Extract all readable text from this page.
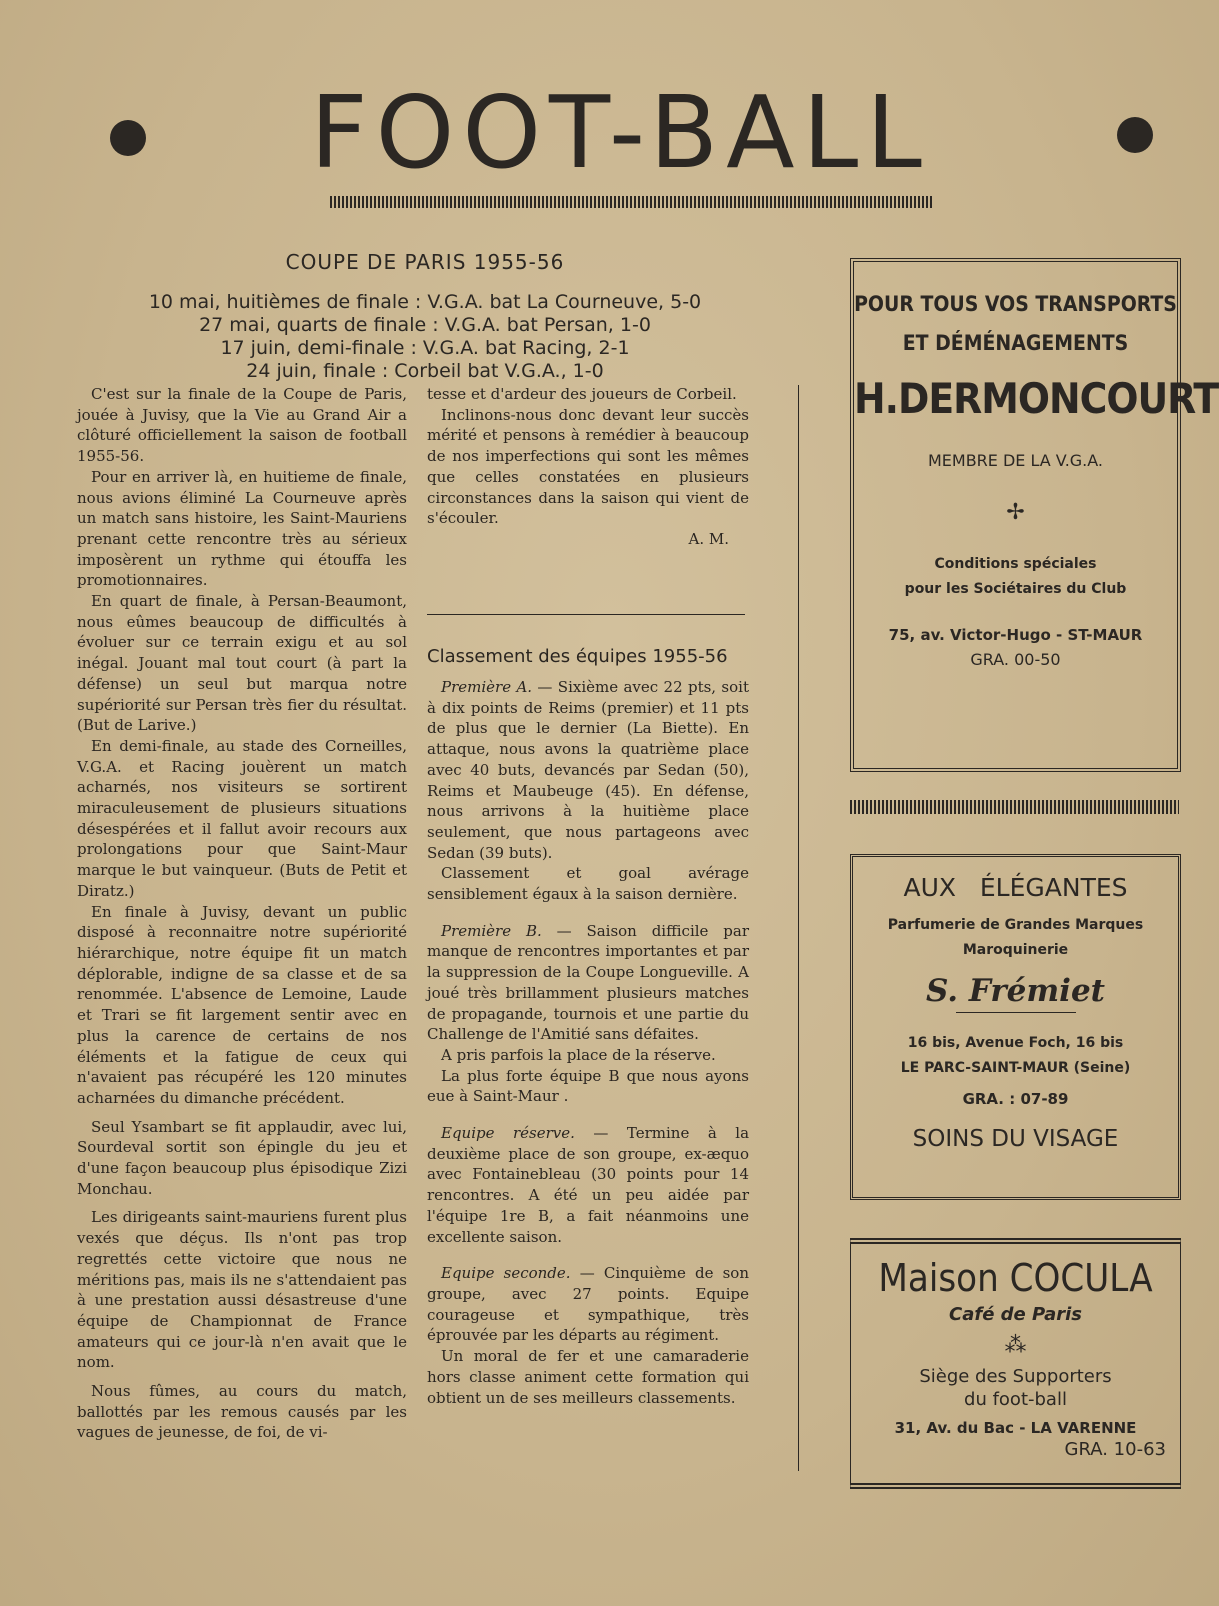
FOOT-BALL
COUPE DE PARIS 1955-56
10 mai, huitièmes de finale : V.G.A. bat La Courneuve, 5-0
27 mai, quarts de finale : V.G.A. bat Persan, 1-0
17 juin, demi-finale : V.G.A. bat Racing, 2-1
24 juin, finale : Corbeil bat V.G.A., 1-0

C'est sur la finale de la Coupe de Paris, jouée à Juvisy, que la Vie au Grand Air a clôturé officiellement la saison de football 1955-56.

Pour en arriver là, en huitieme de finale, nous avions éliminé La Courneuve après un match sans histoire, les Saint-Mauriens prenant cette rencontre très au sérieux imposèrent un rythme qui étouffa les promotionnaires.

En quart de finale, à Persan-Beaumont, nous eûmes beaucoup de difficultés à évoluer sur ce terrain exigu et au sol inégal. Jouant mal tout court (à part la défense) un seul but marqua notre supériorité sur Persan très fier du résultat. (But de Larive.)

En demi-finale, au stade des Corneilles, V.G.A. et Racing jouèrent un match acharnés, nos visiteurs se sortirent miraculeusement de plusieurs situations désespérées et il fallut avoir recours aux prolongations pour que Saint-Maur marque le but vainqueur. (Buts de Petit et Diratz.)

En finale à Juvisy, devant un public disposé à reconnaitre notre supériorité hiérarchique, notre équipe fit un match déplorable, indigne de sa classe et de sa renommée. L'absence de Lemoine, Laude et Trari se fit largement sentir avec en plus la carence de certains de nos éléments et la fatigue de ceux qui n'avaient pas récupéré les 120 minutes acharnées du dimanche précédent.

Seul Ysambart se fit applaudir, avec lui, Sourdeval sortit son épingle du jeu et d'une façon beaucoup plus épisodique Zizi Monchau.

Les dirigeants saint-mauriens furent plus vexés que déçus. Ils n'ont pas trop regrettés cette victoire que nous ne méritions pas, mais ils ne s'attendaient pas à une prestation aussi désastreuse d'une équipe de Championnat de France amateurs qui ce jour-là n'en avait que le nom.

Nous fûmes, au cours du match, ballottés par les remous causés par les vagues de jeunesse, de foi, de vi-

tesse et d'ardeur des joueurs de Corbeil.

Inclinons-nous donc devant leur succès mérité et pensons à remédier à beaucoup de nos imperfections qui sont les mêmes que celles constatées en plusieurs circonstances dans la saison qui vient de s'écouler.

A. M.

Classement des équipes 1955-56

Première A. — Sixième avec 22 pts, soit à dix points de Reims (premier) et 11 pts de plus que le dernier (La Biette). En attaque, nous avons la quatrième place avec 40 buts, devancés par Sedan (50), Reims et Maubeuge (45). En défense, nous arrivons à la huitième place seulement, que nous partageons avec Sedan (39 buts).

Classement et goal avérage sensiblement égaux à la saison dernière.

Première B. — Saison difficile par manque de rencontres importantes et par la suppression de la Coupe Longueville. A joué très brillamment plusieurs matches de propagande, tournois et une partie du Challenge de l'Amitié sans défaites.

A pris parfois la place de la réserve.

La plus forte équipe B que nous ayons eue à Saint-Maur .

Equipe réserve. — Termine à la deuxième place de son groupe, ex-æquo avec Fontainebleau (30 points pour 14 rencontres. A été un peu aidée par l'équipe 1re B, a fait néanmoins une excellente saison.

Equipe seconde. — Cinquième de son groupe, avec 27 points. Equipe courageuse et sympathique, très éprouvée par les départs au régiment.

Un moral de fer et une camaraderie hors classe animent cette formation qui obtient un de ses meilleurs classements.

POUR TOUS VOS TRANSPORTS
ET DÉMÉNAGEMENTS
H.DERMONCOURT
MEMBRE DE LA V.G.A.
✢
Conditions spéciales
pour les Sociétaires du Club
75, av. Victor-Hugo - ST-MAUR
GRA. 00-50
AUX   ÉLÉGANTES
Parfumerie de Grandes Marques
Maroquinerie
S. Frémiet
16 bis, Avenue Foch, 16 bis
LE PARC-SAINT-MAUR (Seine)
GRA. : 07-89
SOINS DU VISAGE
Maison COCULA
Café de Paris
⁂
Siège des Supporters
du foot-ball
31, Av. du Bac - LA VARENNE
GRA. 10-63
